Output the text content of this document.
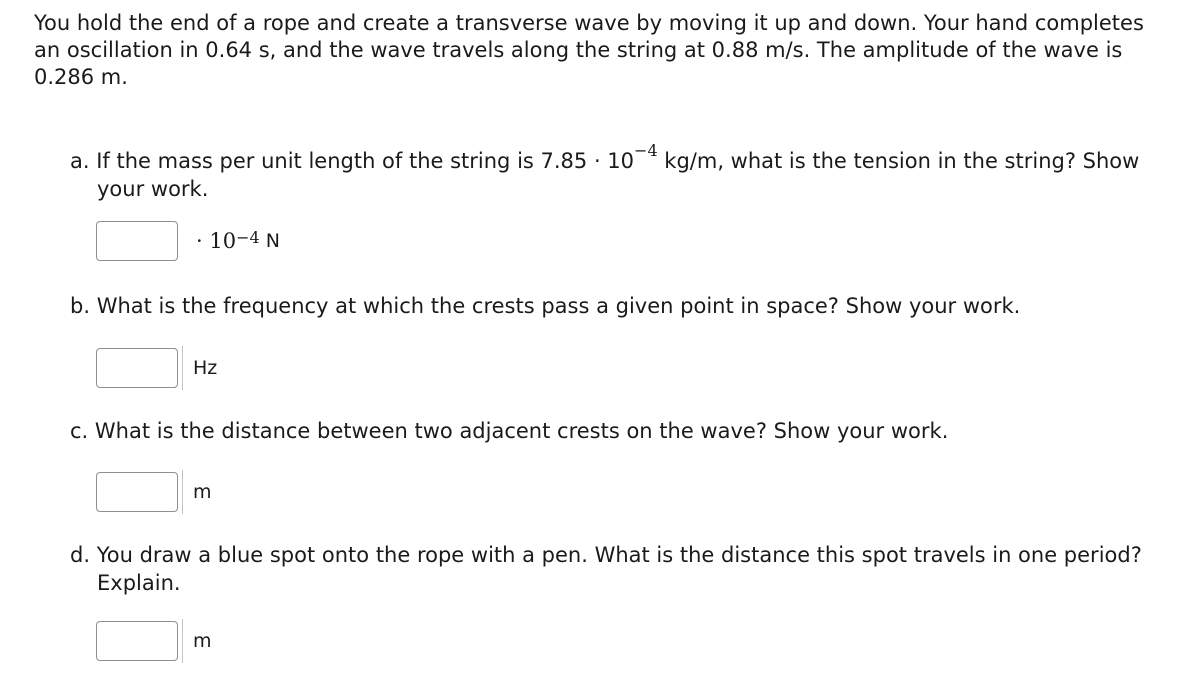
You hold the end of a rope and create a transverse wave by moving it up and down. Your hand completes an oscillation in 0.64 s, and the wave travels along the string at 0.88 m/s. The amplitude of the wave is 0.286 m.
a. If the mass per unit length of the string is $7.85 \cdot 10^{-4}$ kg/m, what is the tension in the string? Show
your work.
· $10^{-4}$
N
b. What is the frequency at which the crests pass a given point in space? Show your work.
Hz
c. What is the distance between two adjacent crests on the wave? Show your work.
m
d. You draw a blue spot onto the rope with a pen. What is the distance this spot travels in one period?
Explain.
m
